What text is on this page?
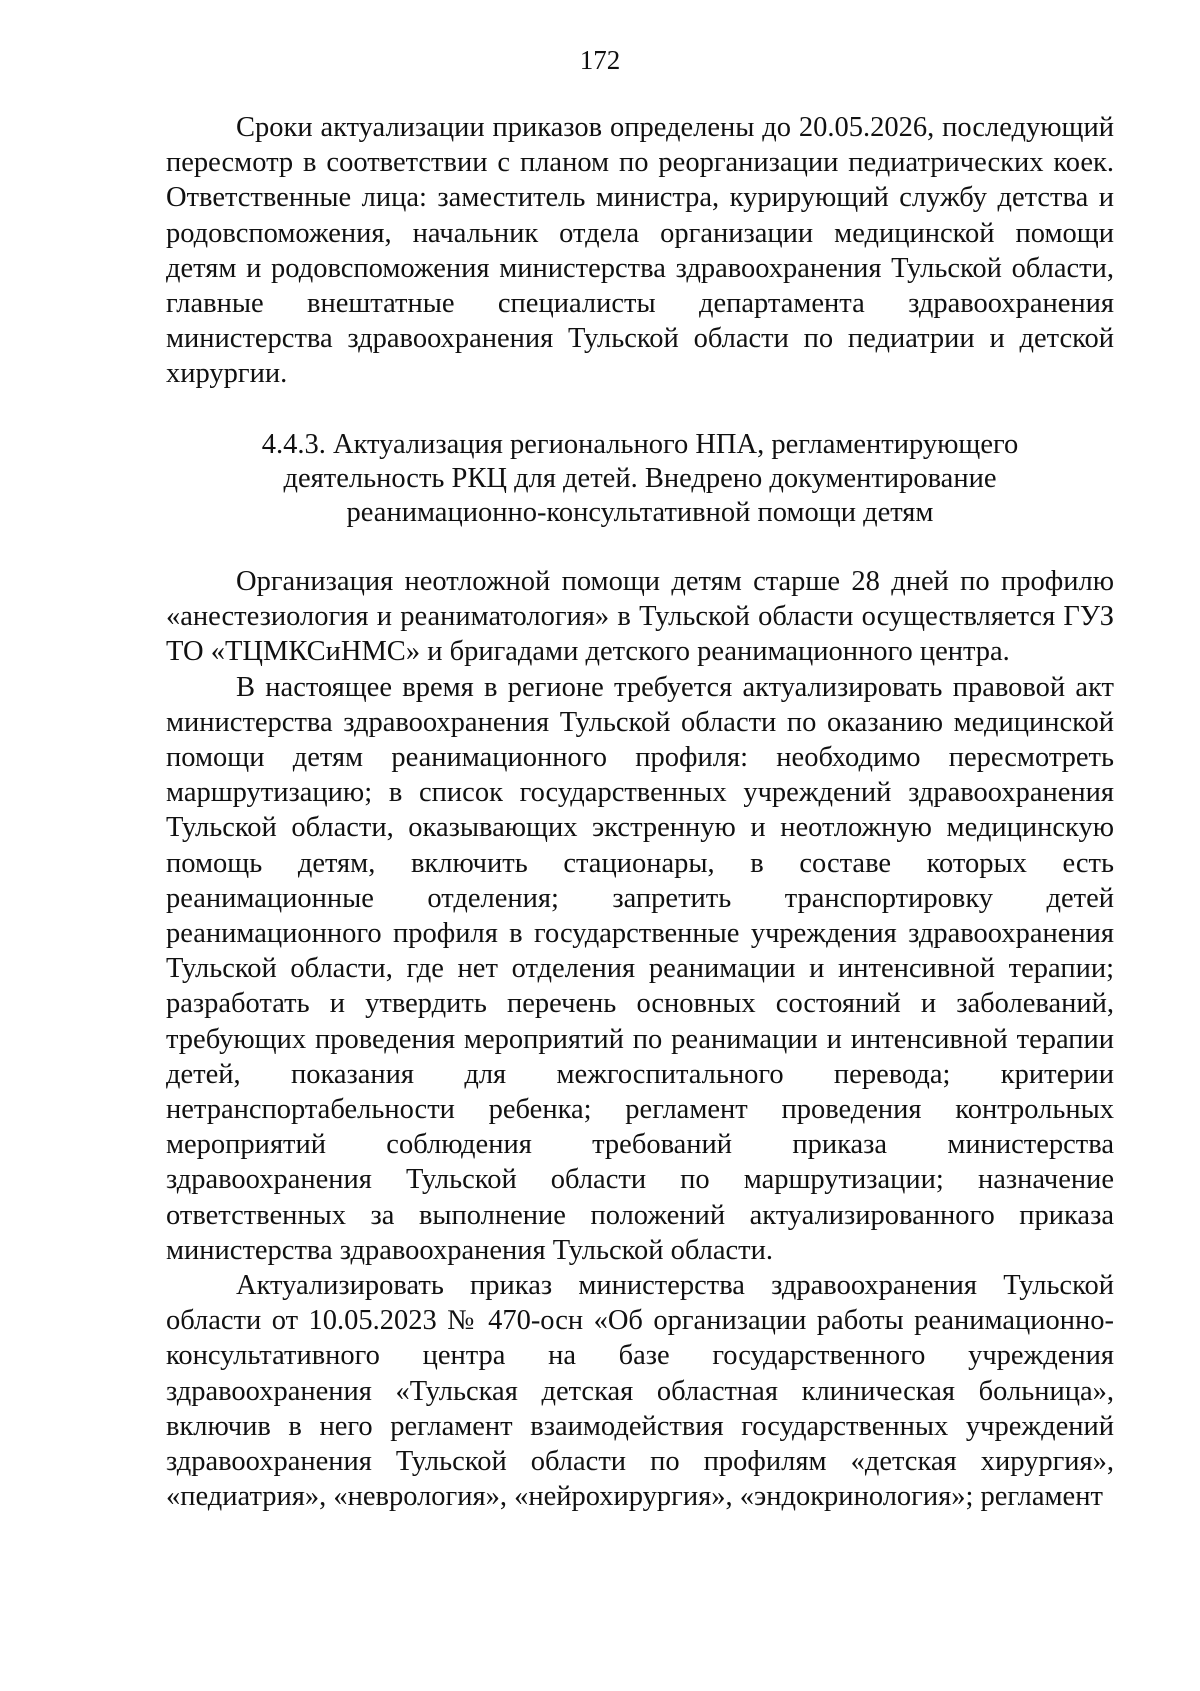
172

Сроки актуализации приказов определены до 20.05.2026, последующий пересмотр в соответствии с планом по реорганизации педиатрических коек. Ответственные лица: заместитель министра, курирующий службу детства и родовспоможения, начальник отдела организации медицинской помощи детям и родовспоможения министерства здравоохранения Тульской области, главные внештатные специалисты департамента здравоохранения министерства здравоохранения Тульской области по педиатрии и детской хирургии.

4.4.3. Актуализация регионального НПА, регламентирующего
деятельность РКЦ для детей. Внедрено документирование
реанимационно-консультативной помощи детям

Организация неотложной помощи детям старше 28 дней по профилю «анестезиология и реаниматология» в Тульской области осуществляется ГУЗ ТО «ТЦМКСиНМС» и бригадами детского реанимационного центра.

В настоящее время в регионе требуется актуализировать правовой акт министерства здравоохранения Тульской области по оказанию медицинской помощи детям реанимационного профиля: необходимо пересмотреть маршрутизацию; в список государственных учреждений здравоохранения Тульской области, оказывающих экстренную и неотложную медицинскую помощь детям, включить стационары, в составе которых есть реанимационные отделения; запретить транспортировку детей реанимационного профиля в государственные учреждения здравоохранения Тульской области, где нет отделения реанимации и интенсивной терапии; разработать и утвердить перечень основных состояний и заболеваний, требующих проведения мероприятий по реанимации и интенсивной терапии детей, показания для межгоспитального перевода; критерии нетранспортабельности ребенка; регламент проведения контрольных мероприятий соблюдения требований приказа министерства здравоохранения Тульской области по маршрутизации; назначение ответственных за выполнение положений актуализированного приказа министерства здравоохранения Тульской области.

Актуализировать приказ министерства здравоохранения Тульской области от 10.05.2023 № 470-осн «Об организации работы реанимационно-консультативного центра на базе государственного учреждения здравоохранения «Тульская детская областная клиническая больница», включив в него регламент взаимодействия государственных учреждений здравоохранения Тульской области по профилям «детская хирургия», «педиатрия», «неврология», «нейрохирургия», «эндокринология»; регламент
